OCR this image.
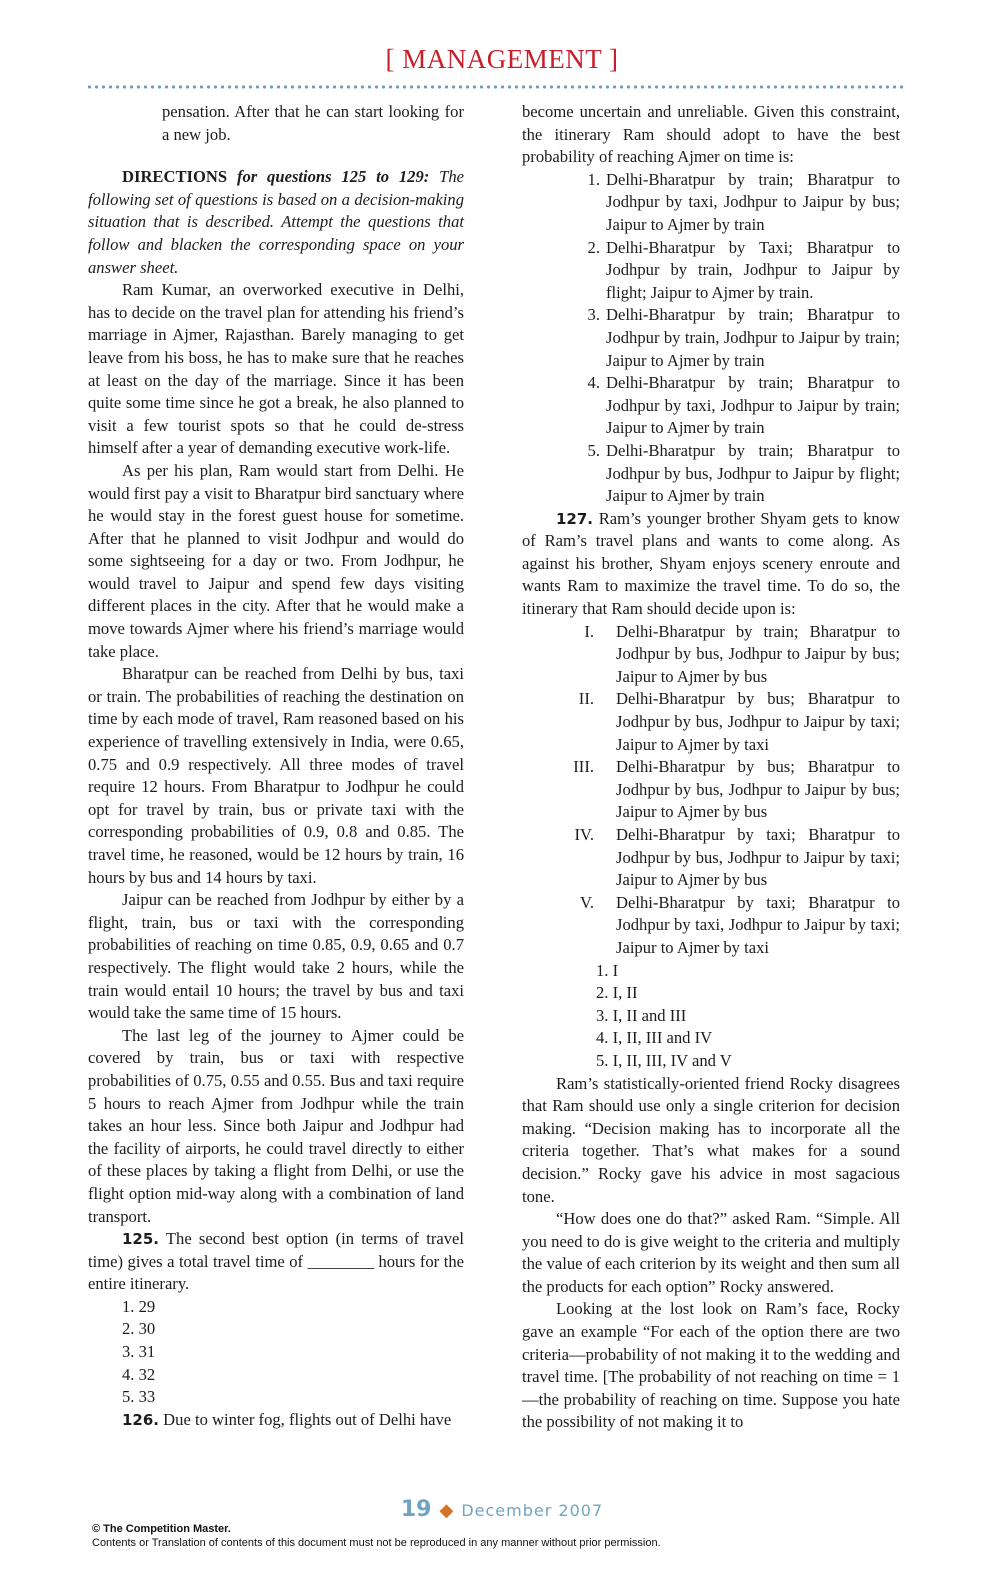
[ MANAGEMENT ]

pensation. After that he can start looking for a new job.

DIRECTIONS for questions 125 to 129: The following set of questions is based on a decision-making situation that is described. Attempt the questions that follow and blacken the corresponding space on your answer sheet.

Ram Kumar, an overworked executive in Delhi, has to decide on the travel plan for attending his friend’s marriage in Ajmer, Rajasthan. Barely managing to get leave from his boss, he has to make sure that he reaches at least on the day of the marriage. Since it has been quite some time since he got a break, he also planned to visit a few tourist spots so that he could de-stress himself after a year of demanding executive work-life.

As per his plan, Ram would start from Delhi. He would first pay a visit to Bharatpur bird sanctuary where he would stay in the forest guest house for sometime. After that he planned to visit Jodhpur and would do some sightseeing for a day or two. From Jodhpur, he would travel to Jaipur and spend few days visiting different places in the city. After that he would make a move towards Ajmer where his friend’s marriage would take place.

Bharatpur can be reached from Delhi by bus, taxi or train. The probabilities of reaching the destination on time by each mode of travel, Ram reasoned based on his experience of travelling extensively in India, were 0.65, 0.75 and 0.9 respectively. All three modes of travel require 12 hours. From Bharatpur to Jodhpur he could opt for travel by train, bus or private taxi with the corresponding probabilities of 0.9, 0.8 and 0.85. The travel time, he reasoned, would be 12 hours by train, 16 hours by bus and 14 hours by taxi.

Jaipur can be reached from Jodhpur by either by a flight, train, bus or taxi with the corresponding probabilities of reaching on time 0.85, 0.9, 0.65 and 0.7 respectively. The flight would take 2 hours, while the train would entail 10 hours; the travel by bus and taxi would take the same time of 15 hours.

The last leg of the journey to Ajmer could be covered by train, bus or taxi with respective probabilities of 0.75, 0.55 and 0.55. Bus and taxi require 5 hours to reach Ajmer from Jodhpur while the train takes an hour less. Since both Jaipur and Jodhpur had the facility of airports, he could travel directly to either of these places by taking a flight from Delhi, or use the flight option mid-way along with a combination of land transport.

125. The second best option (in terms of travel time) gives a total travel time of ________ hours for the entire itinerary.

1. 29
2. 30
3. 31
4. 32
5. 33

126. Due to winter fog, flights out of Delhi have

become uncertain and unreliable. Given this constraint, the itinerary Ram should adopt to have the best probability of reaching Ajmer on time is:

1. Delhi-Bharatpur by train; Bharatpur to Jodhpur by taxi, Jodhpur to Jaipur by bus; Jaipur to Ajmer by train
2. Delhi-Bharatpur by Taxi; Bharatpur to Jodhpur by train, Jodhpur to Jaipur by flight; Jaipur to Ajmer by train.
3. Delhi-Bharatpur by train; Bharatpur to Jodhpur by train, Jodhpur to Jaipur by train; Jaipur to Ajmer by train
4. Delhi-Bharatpur by train; Bharatpur to Jodhpur by taxi, Jodhpur to Jaipur by train; Jaipur to Ajmer by train
5. Delhi-Bharatpur by train; Bharatpur to Jodhpur by bus, Jodhpur to Jaipur by flight; Jaipur to Ajmer by train

127. Ram’s younger brother Shyam gets to know of Ram’s travel plans and wants to come along. As against his brother, Shyam enjoys scenery enroute and wants Ram to maximize the travel time. To do so, the itinerary that Ram should decide upon is:

I.	Delhi-Bharatpur by train; Bharatpur to Jodhpur by bus, Jodhpur to Jaipur by bus; Jaipur to Ajmer by bus
II.	Delhi-Bharatpur by bus; Bharatpur to Jodhpur by bus, Jodhpur to Jaipur by taxi; Jaipur to Ajmer by taxi
III.	Delhi-Bharatpur by bus; Bharatpur to Jodhpur by bus, Jodhpur to Jaipur by bus; Jaipur to Ajmer by bus
IV.	Delhi-Bharatpur by taxi; Bharatpur to Jodhpur by bus, Jodhpur to Jaipur by taxi; Jaipur to Ajmer by bus
V.	Delhi-Bharatpur by taxi; Bharatpur to Jodhpur by taxi, Jodhpur to Jaipur by taxi; Jaipur to Ajmer by taxi
1. I
2. I, II
3. I, II and III
4. I, II, III and IV
5. I, II, III, IV and V

Ram’s statistically-oriented friend Rocky disagrees that Ram should use only a single criterion for decision making. “Decision making has to incorporate all the criteria together. That’s what makes for a sound decision.” Rocky gave his advice in most sagacious tone.

“How does one do that?” asked Ram. “Simple. All you need to do is give weight to the criteria and multiply the value of each criterion by its weight and then sum all the products for each option” Rocky answered.

Looking at the lost look on Ram’s face, Rocky gave an example “For each of the option there are two criteria—probability of not making it to the wedding and travel time. [The probability of not reaching on time = 1—the probability of reaching on time. Suppose you hate the possibility of not making it to

19 ◆ December 2007
© The Competition Master.
Contents or Translation of contents of this document must not be reproduced in any manner without prior permission.
